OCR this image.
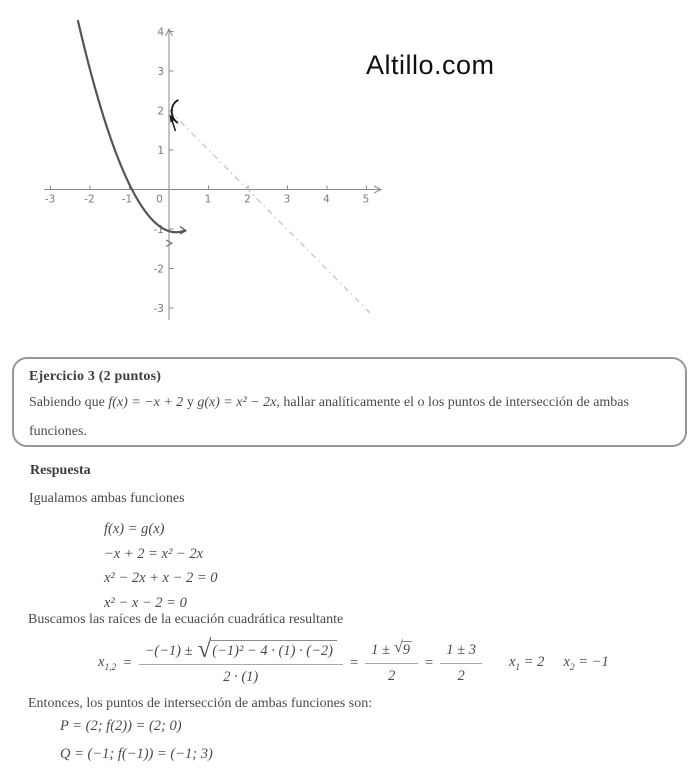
-3	-2	-1 0	1	2	3	4	5
4
3
2
1
-1
-2
-3
Altillo.com
Ejercicio 3 (2 puntos)

Sabiendo que f(x) = −x + 2 y g(x) = x² − 2x, hallar analíticamente el o los puntos de intersección de ambas funciones.

Respuesta
Igualamos ambas funciones
f(x) = g(x)
−x + 2 = x² − 2x
x² − 2x + x − 2 = 0
x² − x − 2 = 0
Buscamos las raíces de la ecuación cuadrática resultante
$x_{1,2} = \frac{\text{−(−1) ± √ (−1)² − 4 · (1) · (−2)}}{2 \cdot (1)} = \frac{1 \pm √ 9}{2} = \frac{1 \pm 3}{2} x_1 = 2$ $x_2 = -1$
Entonces, los puntos de intersección de ambas funciones son:
P = (2; f(2)) = (2; 0)
Q = (−1; f(−1)) = (−1; 3)
